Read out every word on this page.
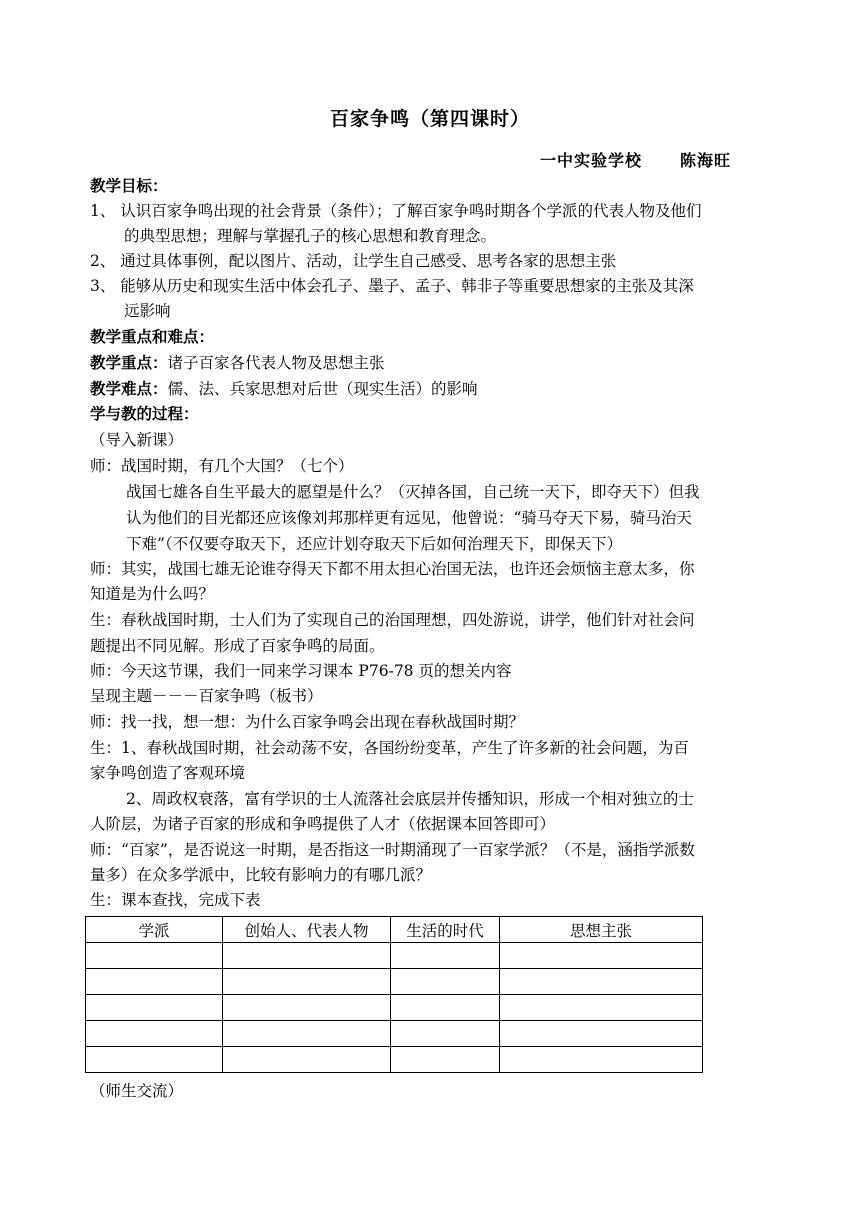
百家争鸣（第四课时）
一中实验学校 陈海旺
教学目标：
1、 认识百家争鸣出现的社会背景（条件）；了解百家争鸣时期各个学派的代表人物及他们
的典型思想；理解与掌握孔子的核心思想和教育理念。
2、 通过具体事例，配以图片、活动，让学生自己感受、思考各家的思想主张
3、 能够从历史和现实生活中体会孔子、墨子、孟子、韩非子等重要思想家的主张及其深
远影响
教学重点和难点：
教学重点：诸子百家各代表人物及思想主张
教学难点：儒、法、兵家思想对后世（现实生活）的影响
学与教的过程：
（导入新课）
师：战国时期，有几个大国？（七个）
战国七雄各自生平最大的愿望是什么？（灭掉各国，自己统一天下，即夺天下）但我
认为他们的目光都还应该像刘邦那样更有远见，他曾说：“骑马夺天下易，骑马治天
下难”（不仅要夺取天下，还应计划夺取天下后如何治理天下，即保天下）
师：其实，战国七雄无论谁夺得天下都不用太担心治国无法，也许还会烦恼主意太多，你
知道是为什么吗？
生：春秋战国时期，士人们为了实现自己的治国理想，四处游说，讲学，他们针对社会问
题提出不同见解。形成了百家争鸣的局面。
师：今天这节课，我们一同来学习课本 P76-78 页的想关内容
呈现主题－－－百家争鸣（板书）
师：找一找，想一想：为什么百家争鸣会出现在春秋战国时期？
生：1、春秋战国时期，社会动荡不安，各国纷纷变革，产生了许多新的社会问题，为百
家争鸣创造了客观环境
2、周政权衰落，富有学识的士人流落社会底层并传播知识，形成一个相对独立的士
人阶层，为诸子百家的形成和争鸣提供了人才（依据课本回答即可）
师：“百家”，是否说这一时期，是否指这一时期涌现了一百家学派？（不是，涵指学派数
量多）在众多学派中，比较有影响力的有哪几派？
生：课本查找，完成下表
学派	创始人、代表人物	生活的时代	思想主张

（师生交流）
